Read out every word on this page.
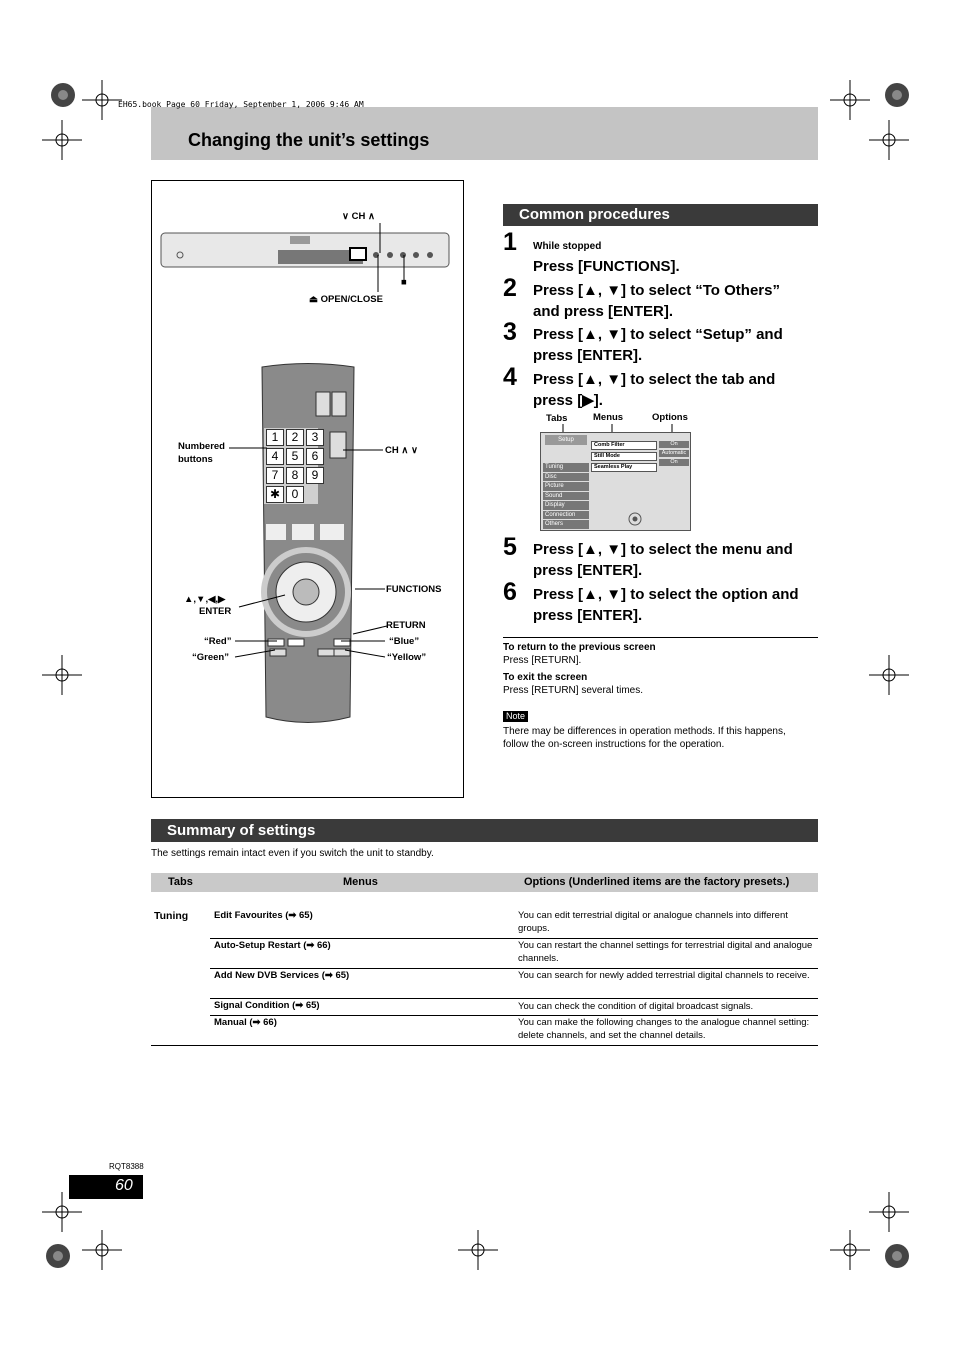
EH65.book Page 60 Friday, September 1, 2006 9:46 AM
Changing the unit’s settings
∨ CH ∧
■
⏏ OPEN/CLOSE
1	2	3
4	5	6
7	8	9
✱ 0
Numbered
buttons
CH ∧ ∨
FUNCTIONS
▲,▼,◀,▶
ENTER
RETURN
“Red”	“Blue”
“Green”	“Yellow”
Common procedures
1 While stopped
Press [FUNCTIONS].
2 Press [▲, ▼] to select “To Others”
and press [ENTER].
3 Press [▲, ▼] to select “Setup” and
press [ENTER].
4 Press [▲, ▼] to select the tab and
press [▶].
Tabs	Menus	Options
Setup
Tuning
Disc
Picture
Sound
Display
Connection
Others
Comb Filter
Still Mode
Seamless Play
On
Automatic
On
5 Press [▲, ▼] to select the menu and
press [ENTER].
6 Press [▲, ▼] to select the option and
press [ENTER].
To return to the previous screen
Press [RETURN].
To exit the screen
Press [RETURN] several times.
Note
There may be differences in operation methods. If this happens,
follow the on-screen instructions for the operation.
Summary of settings
The settings remain intact even if you switch the unit to standby.
Tabs	Menus	Options (Underlined items are the factory presets.)
Tuning	Edit Favourites (➡ 65)	You can edit terrestrial digital or analogue channels into different groups.
Auto-Setup Restart (➡ 66)	You can restart the channel settings for terrestrial digital and analogue channels.
Add New DVB Services (➡ 65)	You can search for newly added terrestrial digital channels to receive.
Signal Condition (➡ 65)	You can check the condition of digital broadcast signals.
Manual (➡ 66)	You can make the following changes to the analogue channel setting: delete channels, and set the channel details.
RQT8388
60
